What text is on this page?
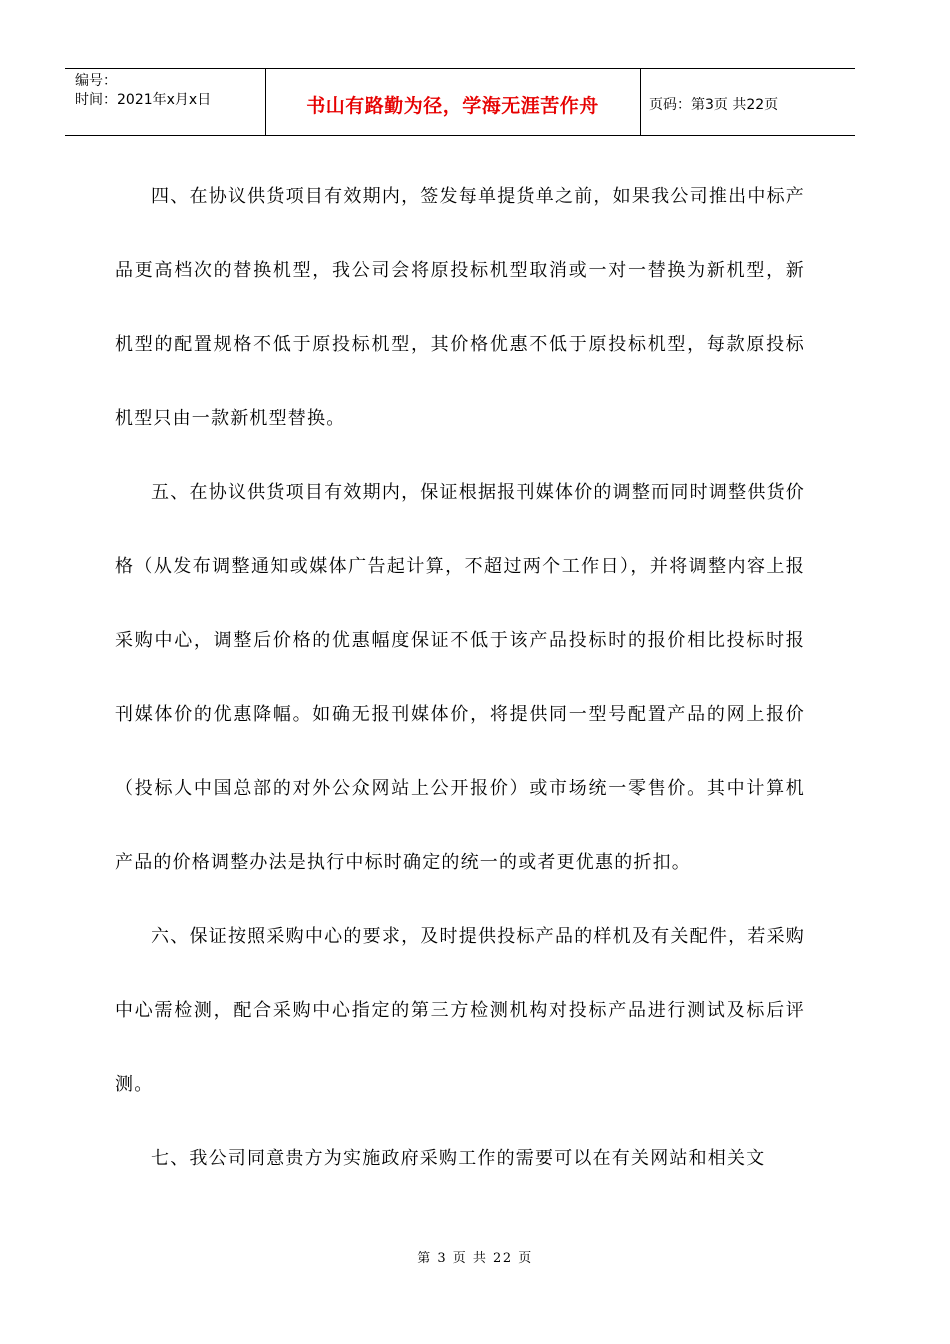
编号：
时间：2021年x月x日	书山有路勤为径，学海无涯苦作舟	页码：第3页 共22页

四、在协议供货项目有效期内，签发每单提货单之前，如果我公司推出中标产品更高档次的替换机型，我公司会将原投标机型取消或一对一替换为新机型，新机型的配置规格不低于原投标机型，其价格优惠不低于原投标机型，每款原投标机型只由一款新机型替换。

五、在协议供货项目有效期内，保证根据报刊媒体价的调整而同时调整供货价格（从发布调整通知或媒体广告起计算，不超过两个工作日），并将调整内容上报采购中心，调整后价格的优惠幅度保证不低于该产品投标时的报价相比投标时报刊媒体价的优惠降幅。如确无报刊媒体价，将提供同一型号配置产品的网上报价（投标人中国总部的对外公众网站上公开报价）或市场统一零售价。其中计算机产品的价格调整办法是执行中标时确定的统一的或者更优惠的折扣。

六、保证按照采购中心的要求，及时提供投标产品的样机及有关配件，若采购中心需检测，配合采购中心指定的第三方检测机构对投标产品进行测试及标后评测。

七、我公司同意贵方为实施政府采购工作的需要可以在有关网站和相关文

第 3 页 共 22 页
